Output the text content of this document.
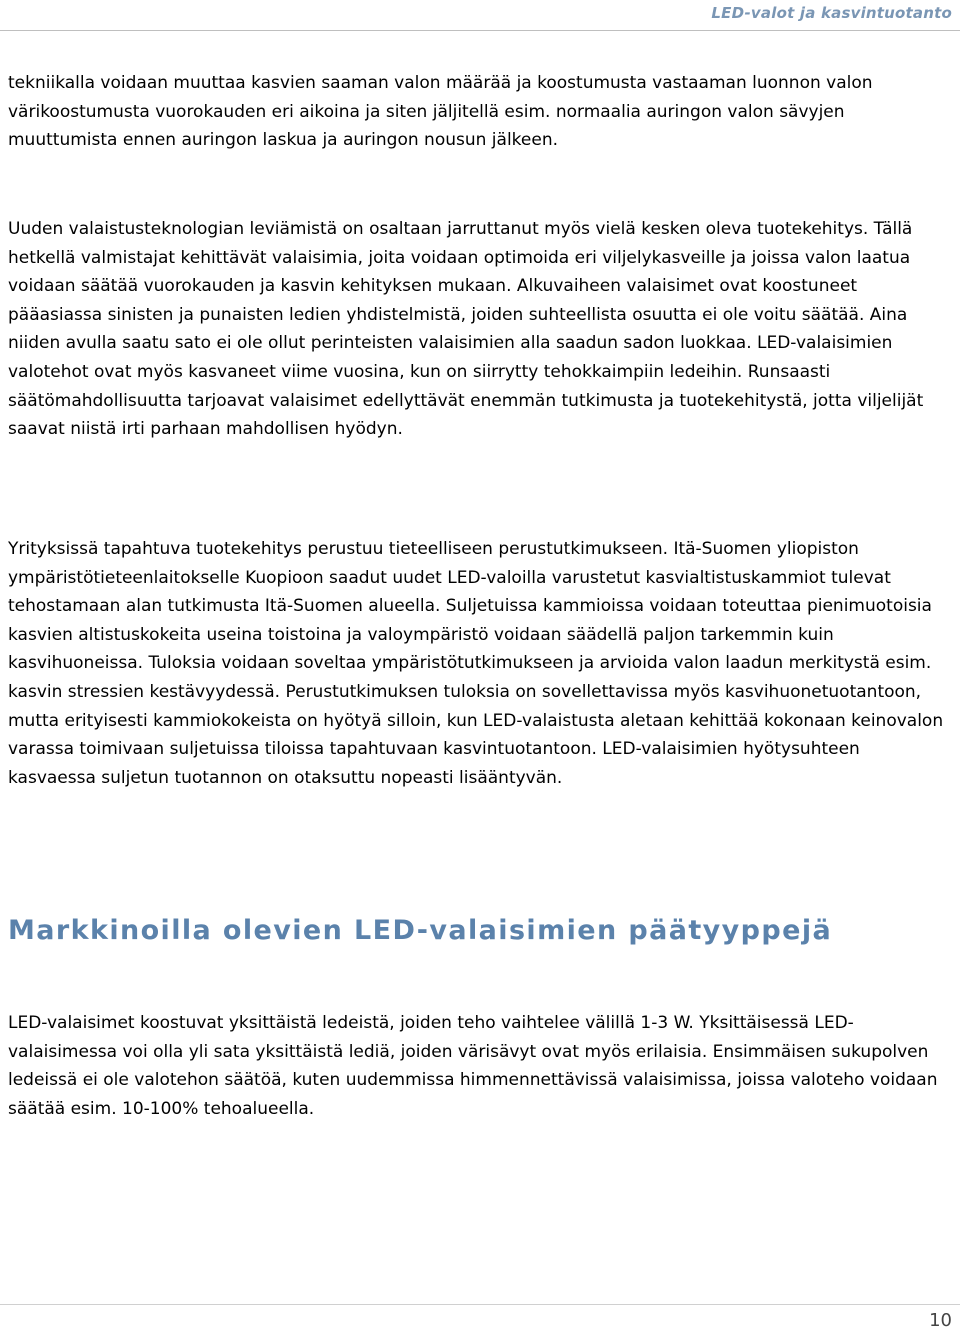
LED-valot ja kasvintuotanto

tekniikalla voidaan muuttaa kasvien saaman valon määrää ja koostumusta vastaaman luonnon valon värikoostumusta vuorokauden eri aikoina ja siten jäljitellä esim. normaalia auringon valon sävyjen muuttumista ennen auringon laskua ja auringon nousun jälkeen.

Uuden valaistusteknologian leviämistä on osaltaan jarruttanut myös vielä kesken oleva tuotekehitys. Tällä hetkellä valmistajat kehittävät valaisimia, joita voidaan optimoida eri viljelykasveille ja joissa valon laatua voidaan säätää vuorokauden ja kasvin kehityksen mukaan. Alkuvaiheen valaisimet ovat koostuneet pääasiassa sinisten ja punaisten ledien yhdistelmistä, joiden suhteellista osuutta ei ole voitu säätää. Aina niiden avulla saatu sato ei ole ollut perinteisten valaisimien alla saadun sadon luokkaa. LED-valaisimien valotehot ovat myös kasvaneet viime vuosina, kun on siirrytty tehokkaimpiin ledeihin. Runsaasti säätömahdollisuutta tarjoavat valaisimet edellyttävät enemmän tutkimusta ja tuotekehitystä, jotta viljelijät saavat niistä irti parhaan mahdollisen hyödyn.

Yrityksissä tapahtuva tuotekehitys perustuu tieteelliseen perustutkimukseen. Itä-Suomen yliopiston ympäristötieteenlaitokselle Kuopioon saadut uudet LED-valoilla varustetut kasvialtistuskammiot tulevat tehostamaan alan tutkimusta Itä-Suomen alueella. Suljetuissa kammioissa voidaan toteuttaa pienimuotoisia kasvien altistuskokeita useina toistoina ja valoympäristö voidaan säädellä paljon tarkemmin kuin kasvihuoneissa. Tuloksia voidaan soveltaa ympäristötutkimukseen ja arvioida valon laadun merkitystä esim. kasvin stressien kestävyydessä. Perustutkimuksen tuloksia on sovellettavissa myös kasvihuonetuotantoon, mutta erityisesti kammiokokeista on hyötyä silloin, kun LED-valaistusta aletaan kehittää kokonaan keinovalon varassa toimivaan suljetuissa tiloissa tapahtuvaan kasvintuotantoon. LED-valaisimien hyötysuhteen kasvaessa suljetun tuotannon on otaksuttu nopeasti lisääntyvän.

Markkinoilla olevien LED-valaisimien päätyyppejä

LED-valaisimet koostuvat yksittäistä ledeistä, joiden teho vaihtelee välillä 1-3 W. Yksittäisessä LED-valaisimessa voi olla yli sata yksittäistä lediä, joiden värisävyt ovat myös erilaisia. Ensimmäisen sukupolven ledeissä ei ole valotehon säätöä, kuten uudemmissa himmennettävissä valaisimissa, joissa valoteho voidaan säätää esim. 10-100% tehoalueella.

10
